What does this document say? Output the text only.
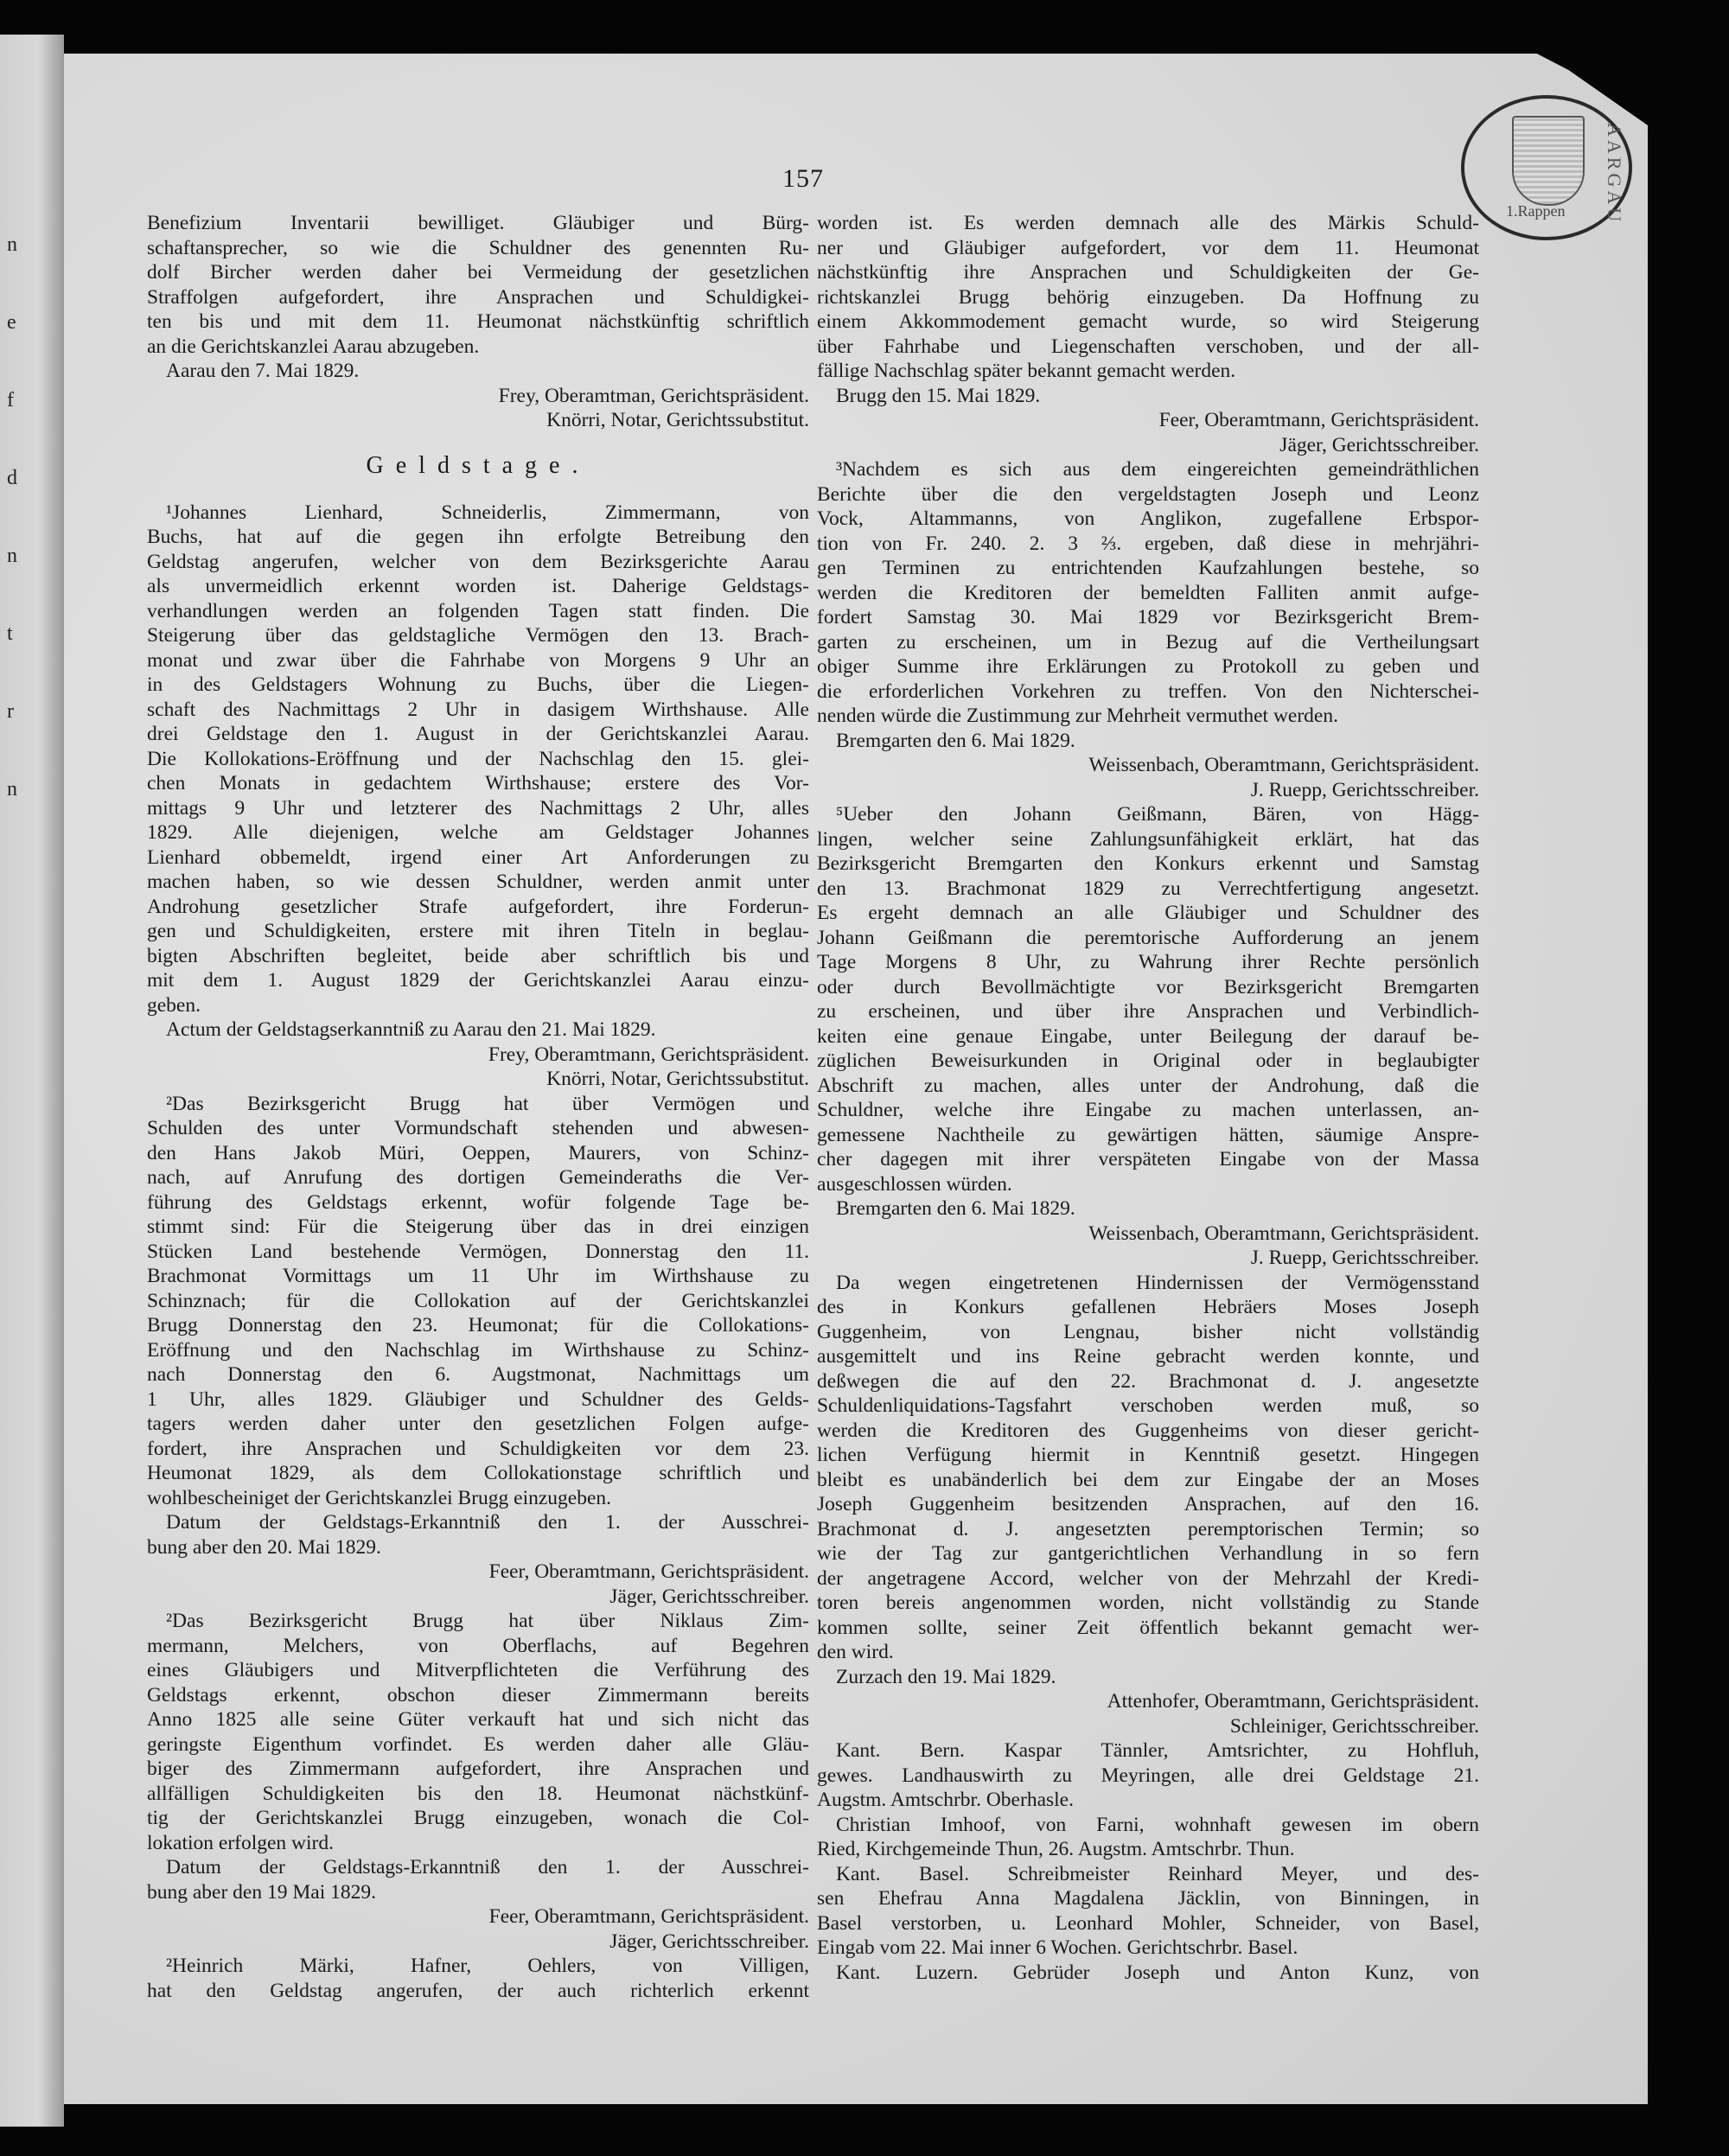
n
e
f
d
n
t
r
n
157	AARGAU
1.Rappen
Benefizium Inventarii bewilliget. Gläubiger und Bürg-
schaftansprecher, so wie die Schuldner des genennten Ru-
dolf Bircher werden daher bei Vermeidung der gesetzlichen
Straffolgen aufgefordert, ihre Ansprachen und Schuldigkei-
ten bis und mit dem 11. Heumonat nächstkünftig schriftlich
an die Gerichtskanzlei Aarau abzugeben.
Aarau den 7. Mai 1829.
Frey, Oberamtman, Gerichtspräsident.
Knörri, Notar, Gerichtssubstitut.
Geldstage.
¹Johannes Lienhard, Schneiderlis, Zimmermann, von
Buchs, hat auf die gegen ihn erfolgte Betreibung den
Geldstag angerufen, welcher von dem Bezirksgerichte Aarau
als unvermeidlich erkennt worden ist. Daherige Geldstags-
verhandlungen werden an folgenden Tagen statt finden. Die
Steigerung über das geldstagliche Vermögen den 13. Brach-
monat und zwar über die Fahrhabe von Morgens 9 Uhr an
in des Geldstagers Wohnung zu Buchs, über die Liegen-
schaft des Nachmittags 2 Uhr in dasigem Wirthshause. Alle
drei Geldstage den 1. August in der Gerichtskanzlei Aarau.
Die Kollokations-Eröffnung und der Nachschlag den 15. glei-
chen Monats in gedachtem Wirthshause; erstere des Vor-
mittags 9 Uhr und letzterer des Nachmittags 2 Uhr, alles
1829. Alle diejenigen, welche am Geldstager Johannes
Lienhard obbemeldt, irgend einer Art Anforderungen zu
machen haben, so wie dessen Schuldner, werden anmit unter
Androhung gesetzlicher Strafe aufgefordert, ihre Forderun-
gen und Schuldigkeiten, erstere mit ihren Titeln in beglau-
bigten Abschriften begleitet, beide aber schriftlich bis und
mit dem 1. August 1829 der Gerichtskanzlei Aarau einzu-
geben.
Actum der Geldstagserkanntniß zu Aarau den 21. Mai 1829.
Frey, Oberamtmann, Gerichtspräsident.
Knörri, Notar, Gerichtssubstitut.
²Das Bezirksgericht Brugg hat über Vermögen und
Schulden des unter Vormundschaft stehenden und abwesen-
den Hans Jakob Müri, Oeppen, Maurers, von Schinz-
nach, auf Anrufung des dortigen Gemeinderaths die Ver-
führung des Geldstags erkennt, wofür folgende Tage be-
stimmt sind: Für die Steigerung über das in drei einzigen
Stücken Land bestehende Vermögen, Donnerstag den 11.
Brachmonat Vormittags um 11 Uhr im Wirthshause zu
Schinznach; für die Collokation auf der Gerichtskanzlei
Brugg Donnerstag den 23. Heumonat; für die Collokations-
Eröffnung und den Nachschlag im Wirthshause zu Schinz-
nach Donnerstag den 6. Augstmonat, Nachmittags um
1 Uhr, alles 1829. Gläubiger und Schuldner des Gelds-
tagers werden daher unter den gesetzlichen Folgen aufge-
fordert, ihre Ansprachen und Schuldigkeiten vor dem 23.
Heumonat 1829, als dem Collokationstage schriftlich und
wohlbescheiniget der Gerichtskanzlei Brugg einzugeben.
Datum der Geldstags-Erkanntniß den 1. der Ausschrei-
bung aber den 20. Mai 1829.
Feer, Oberamtmann, Gerichtspräsident.
Jäger, Gerichtsschreiber.
²Das Bezirksgericht Brugg hat über Niklaus Zim-
mermann, Melchers, von Oberflachs, auf Begehren
eines Gläubigers und Mitverpflichteten die Verführung des
Geldstags erkennt, obschon dieser Zimmermann bereits
Anno 1825 alle seine Güter verkauft hat und sich nicht das
geringste Eigenthum vorfindet. Es werden daher alle Gläu-
biger des Zimmermann aufgefordert, ihre Ansprachen und
allfälligen Schuldigkeiten bis den 18. Heumonat nächstkünf-
tig der Gerichtskanzlei Brugg einzugeben, wonach die Col-
lokation erfolgen wird.
Datum der Geldstags-Erkanntniß den 1. der Ausschrei-
bung aber den 19 Mai 1829.
Feer, Oberamtmann, Gerichtspräsident.
Jäger, Gerichtsschreiber.
²Heinrich Märki, Hafner, Oehlers, von Villigen,
hat den Geldstag angerufen, der auch richterlich erkennt
worden ist. Es werden demnach alle des Märkis Schuld-
ner und Gläubiger aufgefordert, vor dem 11. Heumonat
nächstkünftig ihre Ansprachen und Schuldigkeiten der Ge-
richtskanzlei Brugg behörig einzugeben. Da Hoffnung zu
einem Akkommodement gemacht wurde, so wird Steigerung
über Fahrhabe und Liegenschaften verschoben, und der all-
fällige Nachschlag später bekannt gemacht werden.
Brugg den 15. Mai 1829.
Feer, Oberamtmann, Gerichtspräsident.
Jäger, Gerichtsschreiber.
³Nachdem es sich aus dem eingereichten gemeindräthlichen
Berichte über die den vergeldstagten Joseph und Leonz
Vock, Altammanns, von Anglikon, zugefallene Erbspor-
tion von Fr. 240. 2. 3 ⅔. ergeben, daß diese in mehrjähri-
gen Terminen zu entrichtenden Kaufzahlungen bestehe, so
werden die Kreditoren der bemeldten Falliten anmit aufge-
fordert Samstag 30. Mai 1829 vor Bezirksgericht Brem-
garten zu erscheinen, um in Bezug auf die Vertheilungsart
obiger Summe ihre Erklärungen zu Protokoll zu geben und
die erforderlichen Vorkehren zu treffen. Von den Nichterschei-
nenden würde die Zustimmung zur Mehrheit vermuthet werden.
Bremgarten den 6. Mai 1829.
Weissenbach, Oberamtmann, Gerichtspräsident.
J. Ruepp, Gerichtsschreiber.
⁵Ueber den Johann Geißmann, Bären, von Hägg-
lingen, welcher seine Zahlungsunfähigkeit erklärt, hat das
Bezirksgericht Bremgarten den Konkurs erkennt und Samstag
den 13. Brachmonat 1829 zu Verrechtfertigung angesetzt.
Es ergeht demnach an alle Gläubiger und Schuldner des
Johann Geißmann die peremtorische Aufforderung an jenem
Tage Morgens 8 Uhr, zu Wahrung ihrer Rechte persönlich
oder durch Bevollmächtigte vor Bezirksgericht Bremgarten
zu erscheinen, und über ihre Ansprachen und Verbindlich-
keiten eine genaue Eingabe, unter Beilegung der darauf be-
züglichen Beweisurkunden in Original oder in beglaubigter
Abschrift zu machen, alles unter der Androhung, daß die
Schuldner, welche ihre Eingabe zu machen unterlassen, an-
gemessene Nachtheile zu gewärtigen hätten, säumige Anspre-
cher dagegen mit ihrer verspäteten Eingabe von der Massa
ausgeschlossen würden.
Bremgarten den 6. Mai 1829.
Weissenbach, Oberamtmann, Gerichtspräsident.
J. Ruepp, Gerichtsschreiber.
Da wegen eingetretenen Hindernissen der Vermögensstand
des in Konkurs gefallenen Hebräers Moses Joseph
Guggenheim, von Lengnau, bisher nicht vollständig
ausgemittelt und ins Reine gebracht werden konnte, und
deßwegen die auf den 22. Brachmonat d. J. angesetzte
Schuldenliquidations-Tagsfahrt verschoben werden muß, so
werden die Kreditoren des Guggenheims von dieser gericht-
lichen Verfügung hiermit in Kenntniß gesetzt. Hingegen
bleibt es unabänderlich bei dem zur Eingabe der an Moses
Joseph Guggenheim besitzenden Ansprachen, auf den 16.
Brachmonat d. J. angesetzten peremptorischen Termin; so
wie der Tag zur gantgerichtlichen Verhandlung in so fern
der angetragene Accord, welcher von der Mehrzahl der Kredi-
toren bereis angenommen worden, nicht vollständig zu Stande
kommen sollte, seiner Zeit öffentlich bekannt gemacht wer-
den wird.
Zurzach den 19. Mai 1829.
Attenhofer, Oberamtmann, Gerichtspräsident.
Schleiniger, Gerichtsschreiber.
Kant. Bern. Kaspar Tännler, Amtsrichter, zu Hohfluh,
gewes. Landhauswirth zu Meyringen, alle drei Geldstage 21.
Augstm. Amtschrbr. Oberhasle.
Christian Imhoof, von Farni, wohnhaft gewesen im obern
Ried, Kirchgemeinde Thun, 26. Augstm. Amtschrbr. Thun.
Kant. Basel. Schreibmeister Reinhard Meyer, und des-
sen Ehefrau Anna Magdalena Jäcklin, von Binningen, in
Basel verstorben, u. Leonhard Mohler, Schneider, von Basel,
Eingab vom 22. Mai inner 6 Wochen. Gerichtschrbr. Basel.
Kant. Luzern. Gebrüder Joseph und Anton Kunz, von
